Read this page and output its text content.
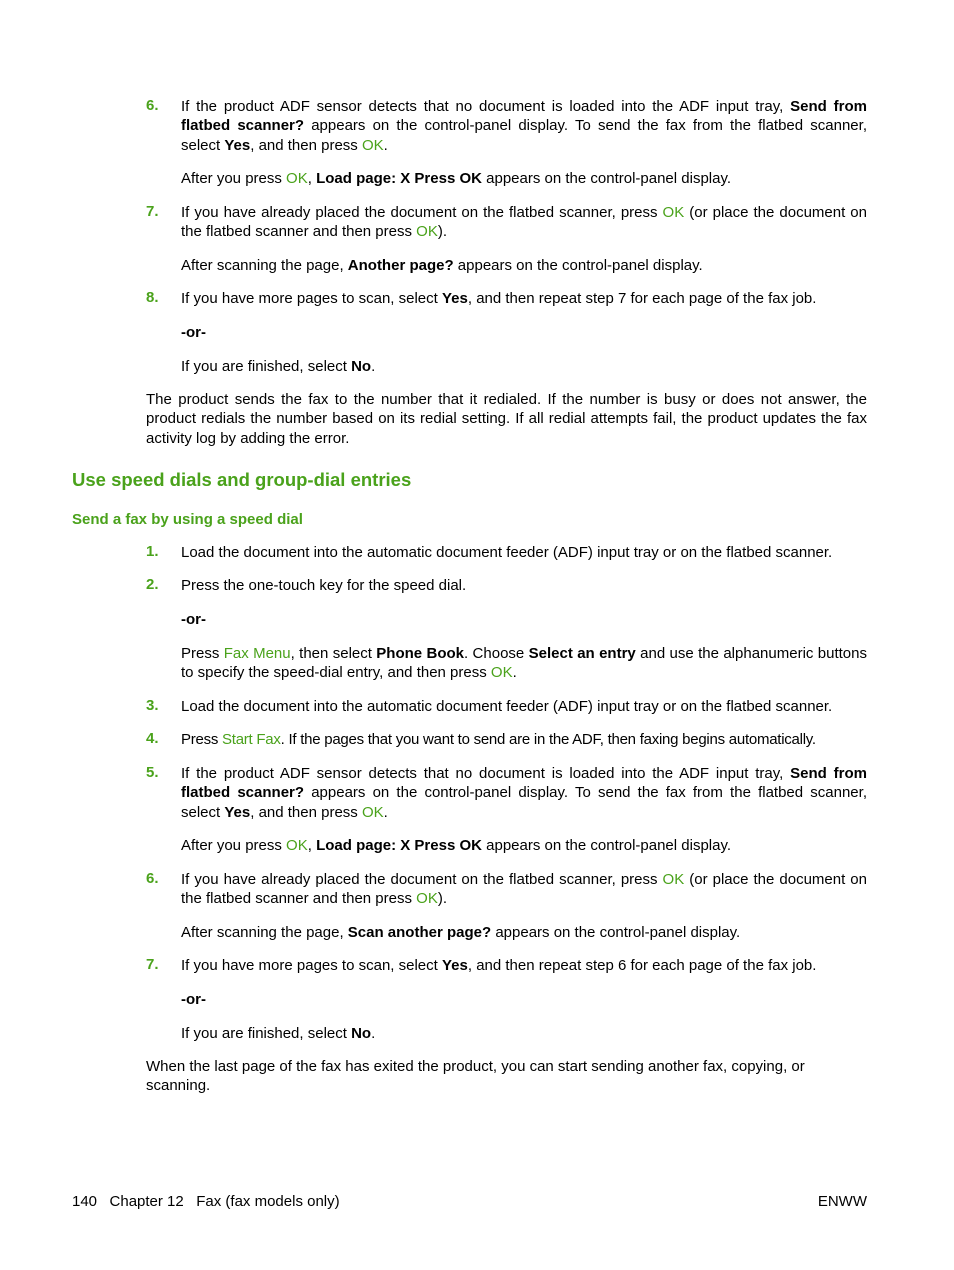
6. If the product ADF sensor detects that no document is loaded into the ADF input tray, Send from flatbed scanner? appears on the control-panel display. To send the fax from the flatbed scanner, select Yes, and then press OK.
After you press OK, Load page: X Press OK appears on the control-panel display.
7. If you have already placed the document on the flatbed scanner, press OK (or place the document on the flatbed scanner and then press OK).
After scanning the page, Another page? appears on the control-panel display.
8. If you have more pages to scan, select Yes, and then repeat step 7 for each page of the fax job.
-or-
If you are finished, select No.
The product sends the fax to the number that it redialed. If the number is busy or does not answer, the product redials the number based on its redial setting. If all redial attempts fail, the product updates the fax activity log by adding the error.
Use speed dials and group-dial entries
Send a fax by using a speed dial
1. Load the document into the automatic document feeder (ADF) input tray or on the flatbed scanner.
2. Press the one-touch key for the speed dial.
-or-
Press Fax Menu, then select Phone Book. Choose Select an entry and use the alphanumeric buttons to specify the speed-dial entry, and then press OK.
3. Load the document into the automatic document feeder (ADF) input tray or on the flatbed scanner.
4. Press Start Fax. If the pages that you want to send are in the ADF, then faxing begins automatically.
5. If the product ADF sensor detects that no document is loaded into the ADF input tray, Send from flatbed scanner? appears on the control-panel display. To send the fax from the flatbed scanner, select Yes, and then press OK.
After you press OK, Load page: X Press OK appears on the control-panel display.
6. If you have already placed the document on the flatbed scanner, press OK (or place the document on the flatbed scanner and then press OK).
After scanning the page, Scan another page? appears on the control-panel display.
7. If you have more pages to scan, select Yes, and then repeat step 6 for each page of the fax job.
-or-
If you are finished, select No.
When the last page of the fax has exited the product, you can start sending another fax, copying, or scanning.
140   Chapter 12   Fax (fax models only)	ENWW
